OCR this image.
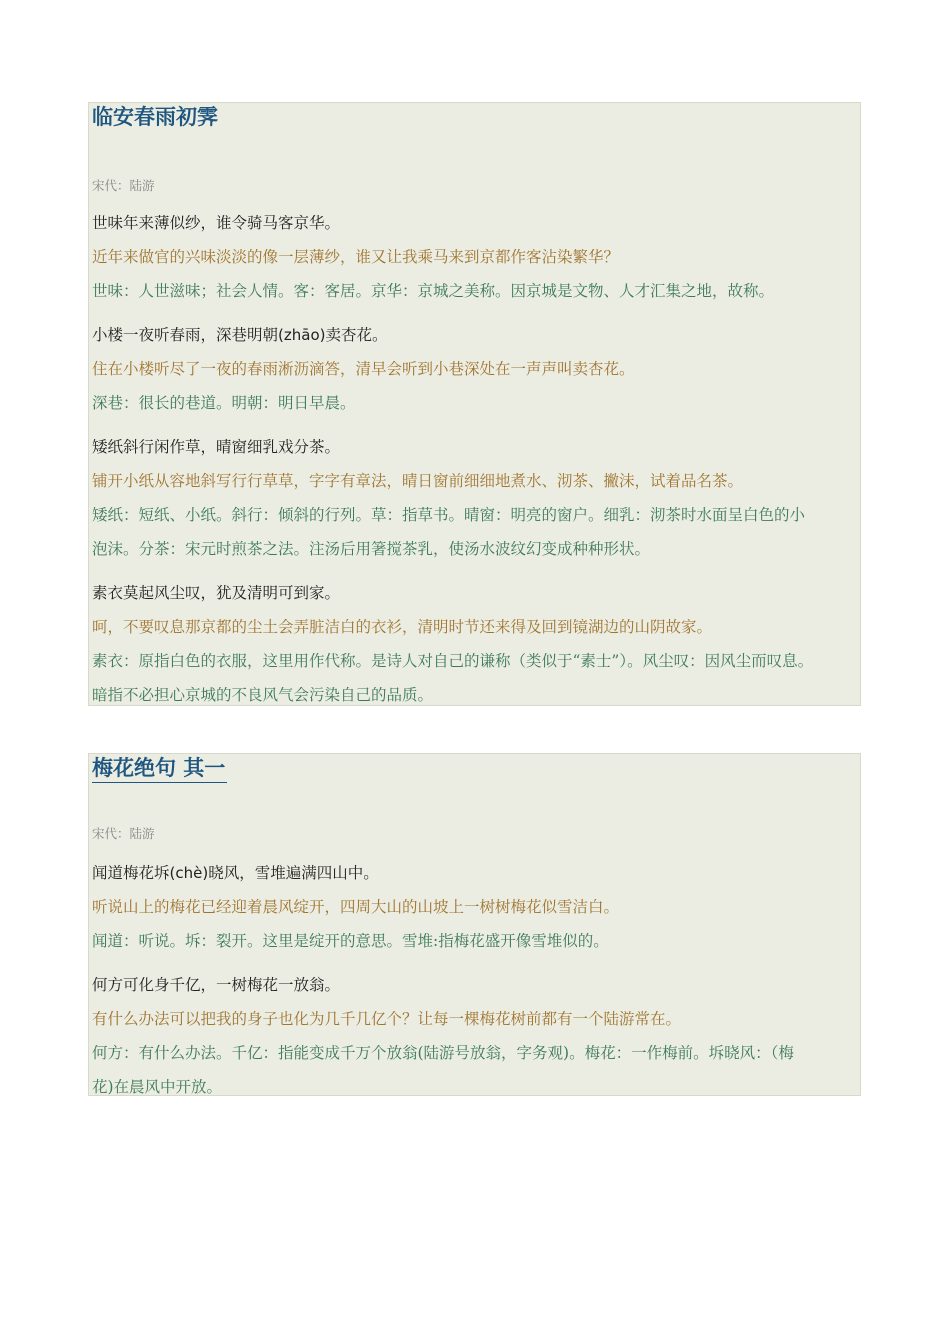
临安春雨初霁
宋代：陆游
世味年来薄似纱，谁令骑马客京华。
近年来做官的兴味淡淡的像一层薄纱，谁又让我乘马来到京都作客沾染繁华？
世味：人世滋味；社会人情。客：客居。京华：京城之美称。因京城是文物、人才汇集之地，故称。
小楼一夜听春雨，深巷明朝(zhāo)卖杏花。
住在小楼听尽了一夜的春雨淅沥滴答，清早会听到小巷深处在一声声叫卖杏花。
深巷：很长的巷道。明朝：明日早晨。
矮纸斜行闲作草，晴窗细乳戏分茶。
铺开小纸从容地斜写行行草草，字字有章法，晴日窗前细细地煮水、沏茶、撇沫，试着品名茶。
矮纸：短纸、小纸。斜行：倾斜的行列。草：指草书。晴窗：明亮的窗户。细乳：沏茶时水面呈白色的小
泡沫。分茶：宋元时煎茶之法。注汤后用箸搅茶乳，使汤水波纹幻变成种种形状。
素衣莫起风尘叹，犹及清明可到家。
呵，不要叹息那京都的尘土会弄脏洁白的衣衫，清明时节还来得及回到镜湖边的山阴故家。
素衣：原指白色的衣服，这里用作代称。是诗人对自己的谦称（类似于“素士”）。风尘叹：因风尘而叹息。
暗指不必担心京城的不良风气会污染自己的品质。
梅花绝句 其一
宋代：陆游
闻道梅花坼(chè)晓风，雪堆遍满四山中。
听说山上的梅花已经迎着晨风绽开，四周大山的山坡上一树树梅花似雪洁白。
闻道：听说。坼：裂开。这里是绽开的意思。雪堆:指梅花盛开像雪堆似的。
何方可化身千亿，一树梅花一放翁。
有什么办法可以把我的身子也化为几千几亿个？让每一棵梅花树前都有一个陆游常在。
何方：有什么办法。千亿：指能变成千万个放翁(陆游号放翁，字务观)。梅花：一作梅前。坼晓风：（梅
花)在晨风中开放。
